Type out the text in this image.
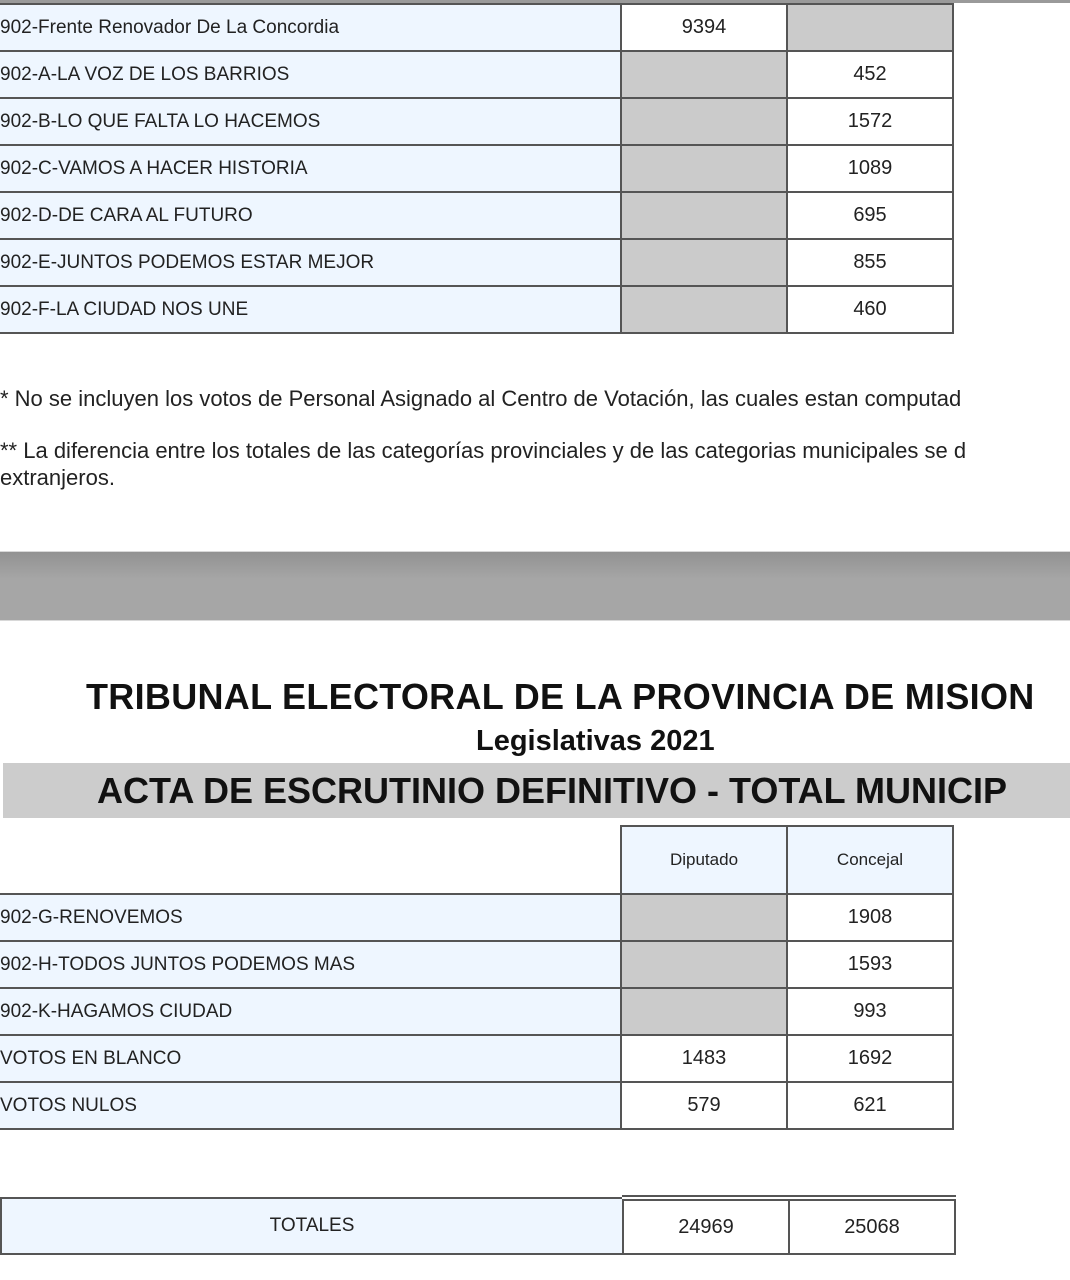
902-Frente Renovador De La Concordia	9394	
902-A-LA VOZ DE LOS BARRIOS		452
902-B-LO QUE FALTA LO HACEMOS		1572
902-C-VAMOS A HACER HISTORIA		1089
902-D-DE CARA AL FUTURO		695
902-E-JUNTOS PODEMOS ESTAR MEJOR		855
902-F-LA CIUDAD NOS UNE		460
* No se incluyen los votos de Personal Asignado al Centro de Votación, las cuales estan computad
** La diferencia entre los totales de las categorías provinciales y de las categorias municipales se d
extranjeros.
TRIBUNAL ELECTORAL DE LA PROVINCIA DE MISION
Legislativas 2021
ACTA DE ESCRUTINIO DEFINITIVO - TOTAL MUNICIP
	Diputado	Concejal
902-G-RENOVEMOS		1908
902-H-TODOS JUNTOS PODEMOS MAS		1593
902-K-HAGAMOS CIUDAD		993
VOTOS EN BLANCO	1483	1692
VOTOS NULOS	579	621
TOTALES	24969	25068
